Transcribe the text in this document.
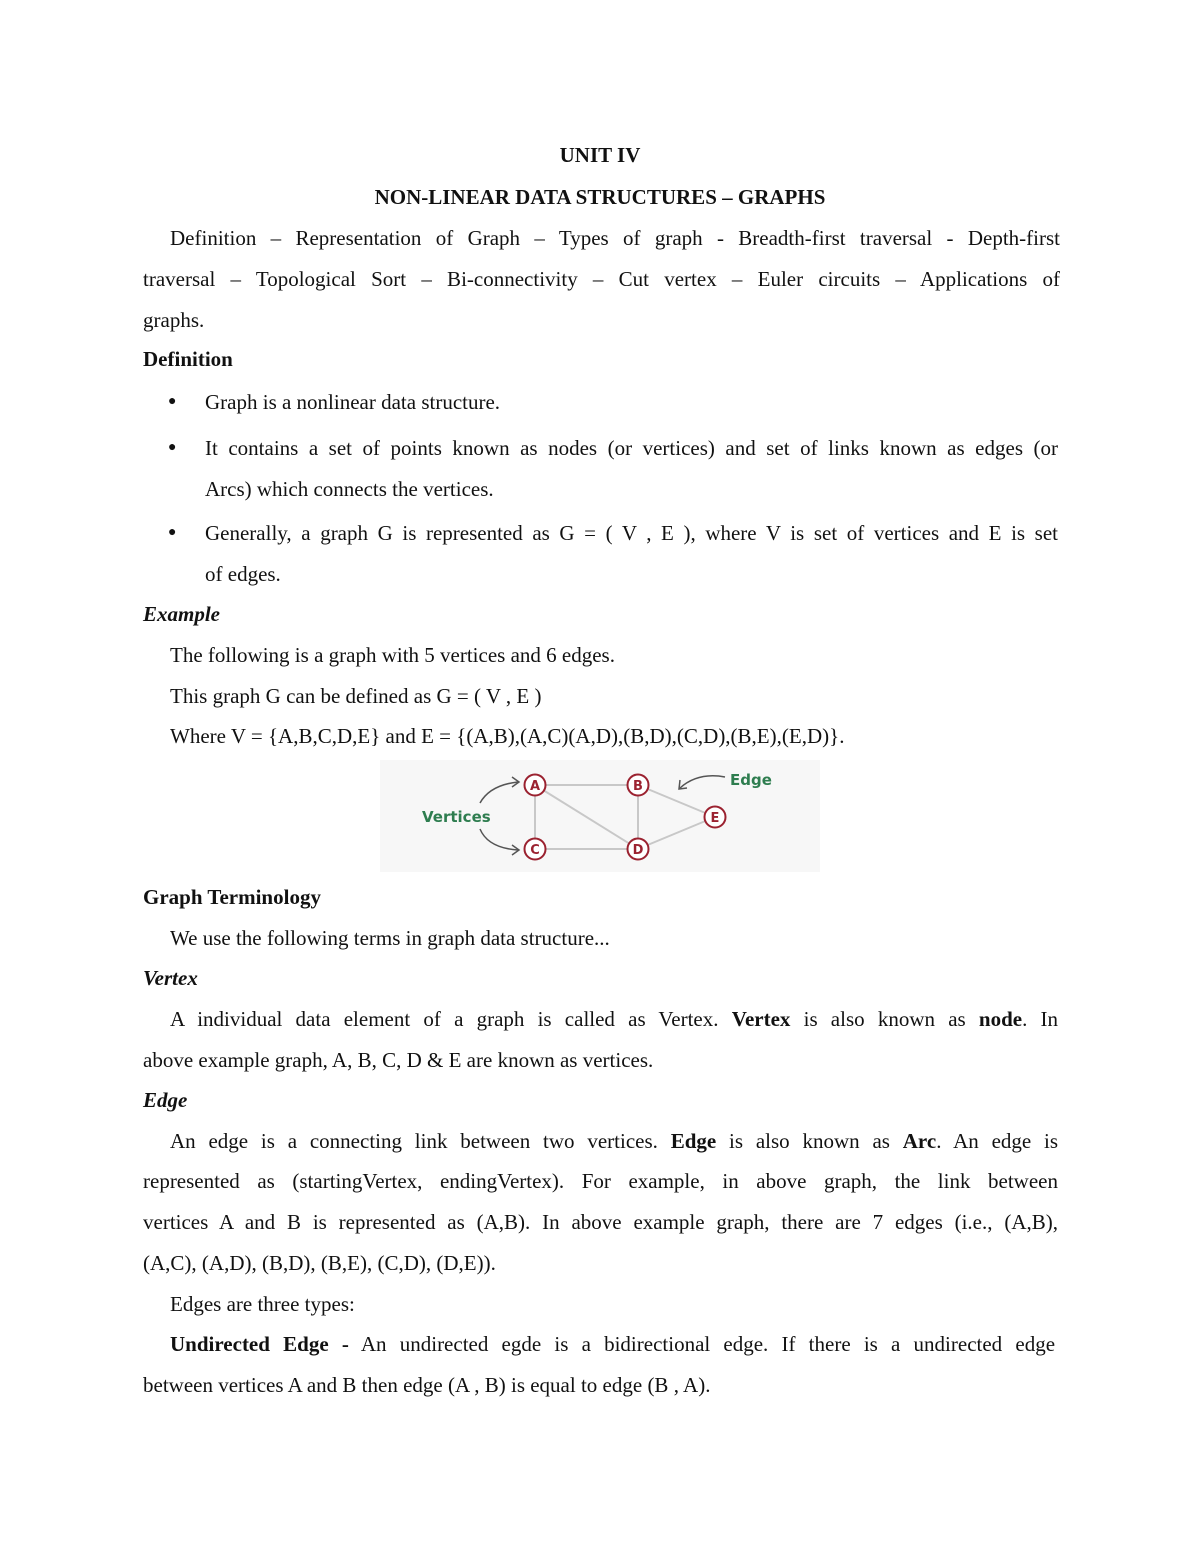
UNIT IV
NON-LINEAR DATA STRUCTURES – GRAPHS
Definition – Representation of Graph – Types of graph - Breadth-first traversal - Depth-first
traversal – Topological Sort – Bi-connectivity – Cut vertex – Euler circuits – Applications of
graphs.
Definition
● Graph is a nonlinear data structure.
● It contains a set of points known as nodes (or vertices) and set of links known as edges (or
Arcs) which connects the vertices.
● Generally, a graph G is represented as G = ( V , E ), where V is set of vertices and E is set
of edges.
Example
The following is a graph with 5 vertices and 6 edges.
This graph G can be defined as G = ( V , E )
Where V = {A,B,C,D,E} and E = {(A,B),(A,C)(A,D),(B,D),(C,D),(B,E),(E,D)}.
Vertices
Edge
A	B
C	D
E
Graph Terminology
We use the following terms in graph data structure...
Vertex
A individual data element of a graph is called as Vertex. Vertex is also known as node. In
above example graph, A, B, C, D & E are known as vertices.
Edge
An edge is a connecting link between two vertices. Edge is also known as Arc. An edge is
represented as (startingVertex, endingVertex). For example, in above graph, the link between
vertices A and B is represented as (A,B). In above example graph, there are 7 edges (i.e., (A,B),
(A,C), (A,D), (B,D), (B,E), (C,D), (D,E)).
Edges are three types:
Undirected Edge - An undirected egde is a bidirectional edge. If there is a undirected edge
between vertices A and B then edge (A , B) is equal to edge (B , A).
